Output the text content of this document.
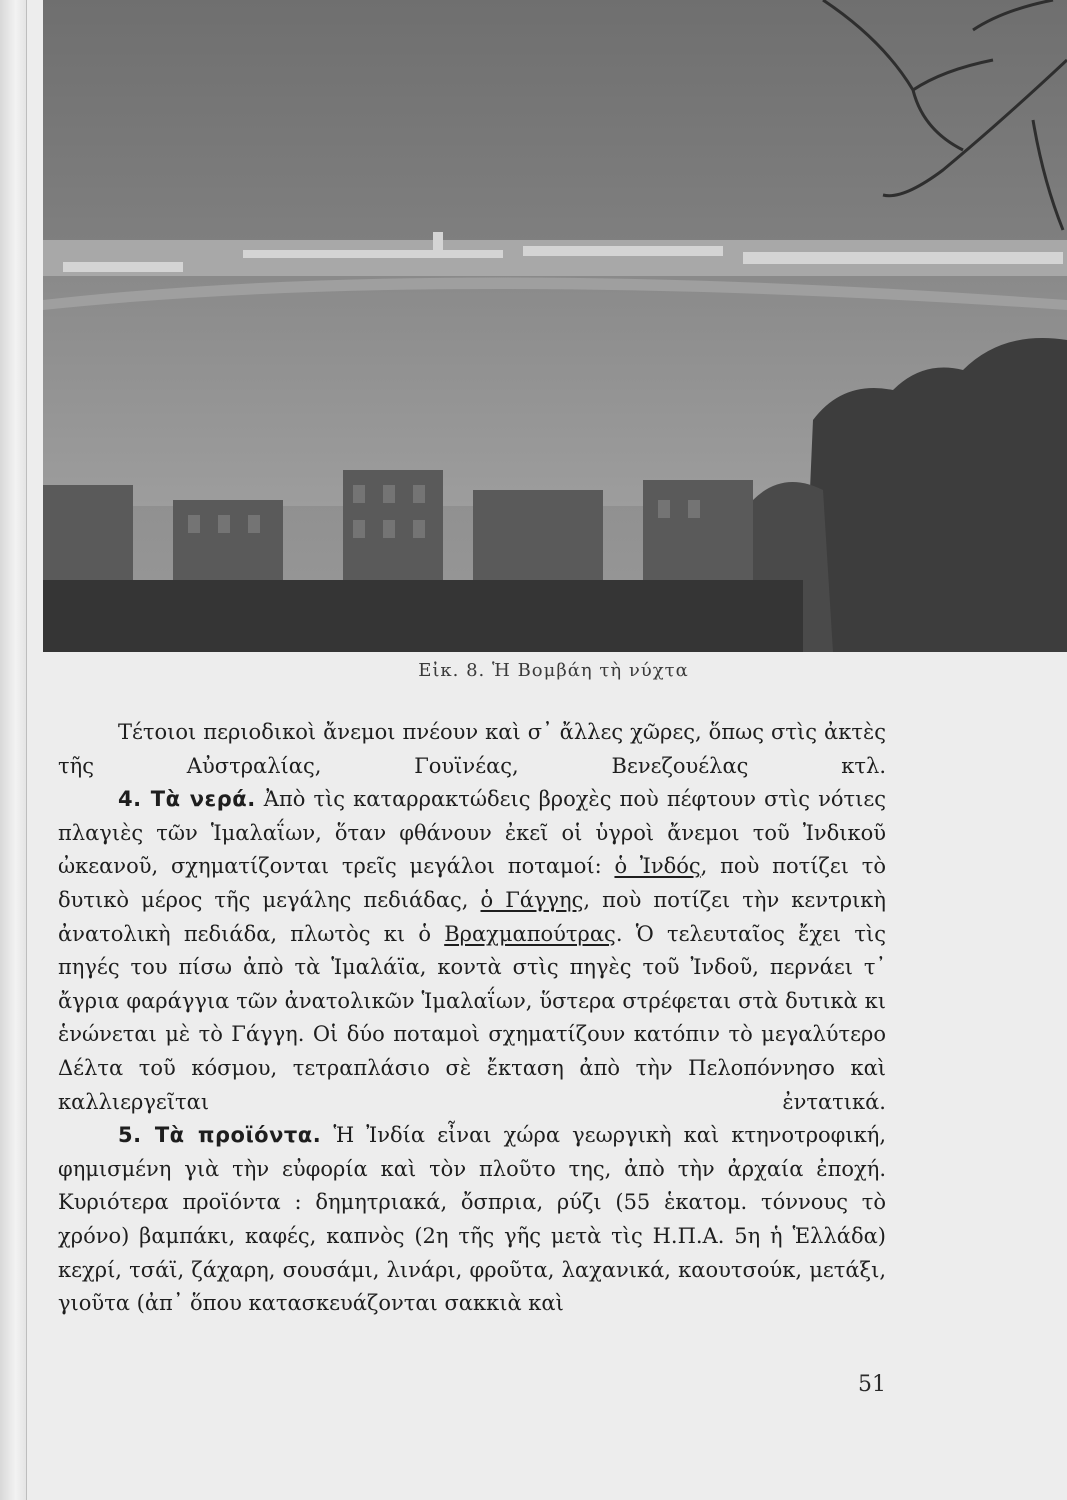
Εἰκ. 8. Ἡ Βομβάη τὴ νύχτα

Τέτοιοι περιοδικοὶ ἄνεμοι πνέουν καὶ σ᾽ ἄλλες χῶρες, ὅπως στὶς ἀκτὲς τῆς Αὐστραλίας, Γουϊνέας, Βενεζουέλας κτλ.

4. Τὰ νερά. Ἀπὸ τὶς καταρρακτώδεις βροχὲς ποὺ πέφτουν στὶς νότιες πλαγιὲς τῶν Ἱμαλαΐων, ὅταν φθάνουν ἐκεῖ οἱ ὑγροὶ ἄνεμοι τοῦ Ἰνδικοῦ ὠκεανοῦ, σχηματίζονται τρεῖς μεγάλοι ποταμοί: ὁ Ἰνδός, ποὺ ποτίζει τὸ δυτικὸ μέρος τῆς μεγάλης πεδιάδας, ὁ Γάγγης, ποὺ ποτίζει τὴν κεντρικὴ ἀνατολικὴ πεδιάδα, πλωτὸς κι ὁ Βραχμαπούτρας. Ὁ τελευταῖος ἔχει τὶς πηγές του πίσω ἀπὸ τὰ Ἱμαλάϊα, κοντὰ στὶς πηγὲς τοῦ Ἰνδοῦ, περνάει τ᾽ ἄγρια φαράγγια τῶν ἀνατολικῶν Ἱμαλαΐων, ὕστερα στρέφεται στὰ δυτικὰ κι ἑνώνεται μὲ τὸ Γάγγη. Οἱ δύο ποταμοὶ σχηματίζουν κατόπιν τὸ μεγαλύτερο Δέλτα τοῦ κόσμου, τετραπλάσιο σὲ ἔκταση ἀπὸ τὴν Πελοπόννησο καὶ καλλιεργεῖται ἐντατικά.

5. Τὰ προϊόντα. Ἡ Ἰνδία εἶναι χώρα γεωργικὴ καὶ κτηνοτροφική, φημισμένη γιὰ τὴν εὐφορία καὶ τὸν πλοῦτο της, ἀπὸ τὴν ἀρχαία ἐποχή. Κυριότερα προϊόντα : δημητριακά, ὄσπρια, ρύζι (55 ἑκατομ. τόννους τὸ χρόνο) βαμπάκι, καφές, καπνὸς (2η τῆς γῆς μετὰ τὶς Η.Π.Α. 5η ἡ Ἑλλάδα) κεχρί, τσάϊ, ζάχαρη, σουσάμι, λινάρι, φροῦτα, λαχανικά, καουτσούκ, μετάξι, γιοῦτα (ἀπ᾽ ὅπου κατασκευάζονται σακκιὰ καὶ

51
